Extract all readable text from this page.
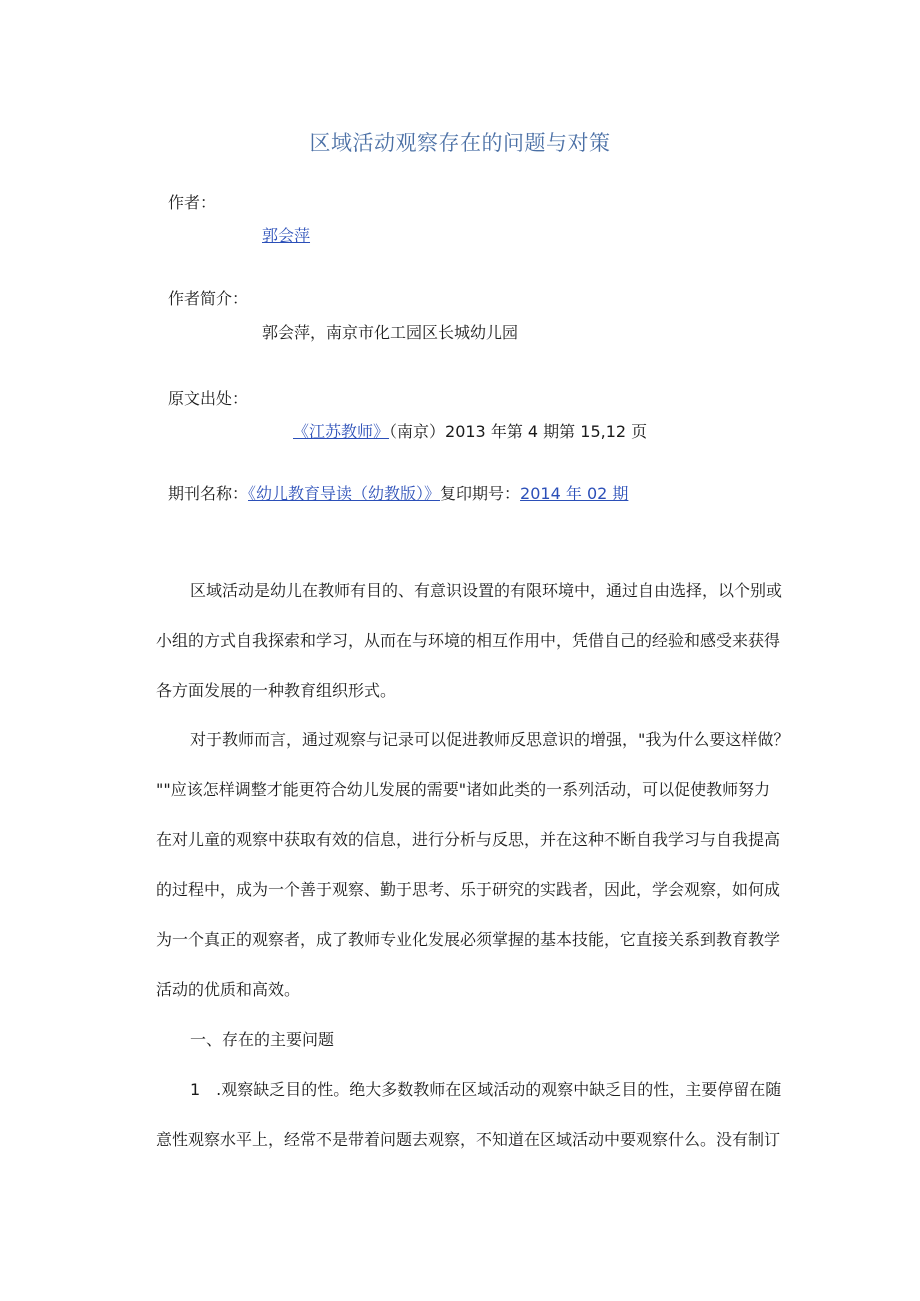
区域活动观察存在的问题与对策
作者：
郭会萍
作者简介：
郭会萍，南京市化工园区长城幼儿园
原文出处：
《江苏教师》（南京）2013 年第 4 期第 15,12 页
期刊名称：《幼儿教育导读（幼教版）》复印期号：2014 年 02 期
区域活动是幼儿在教师有目的、有意识设置的有限环境中，通过自由选择，以个别或
小组的方式自我探索和学习，从而在与环境的相互作用中，凭借自己的经验和感受来获得
各方面发展的一种教育组织形式。
对于教师而言，通过观察与记录可以促进教师反思意识的增强，"我为什么要这样做？
""应该怎样调整才能更符合幼儿发展的需要"诸如此类的一系列活动，可以促使教师努力
在对儿童的观察中获取有效的信息，进行分析与反思，并在这种不断自我学习与自我提高
的过程中，成为一个善于观察、勤于思考、乐于研究的实践者，因此，学会观察，如何成
为一个真正的观察者，成了教师专业化发展必须掌握的基本技能，它直接关系到教育教学
活动的优质和高效。
一、存在的主要问题
1　.观察缺乏目的性。绝大多数教师在区域活动的观察中缺乏目的性，主要停留在随
意性观察水平上，经常不是带着问题去观察，不知道在区域活动中要观察什么。没有制订
